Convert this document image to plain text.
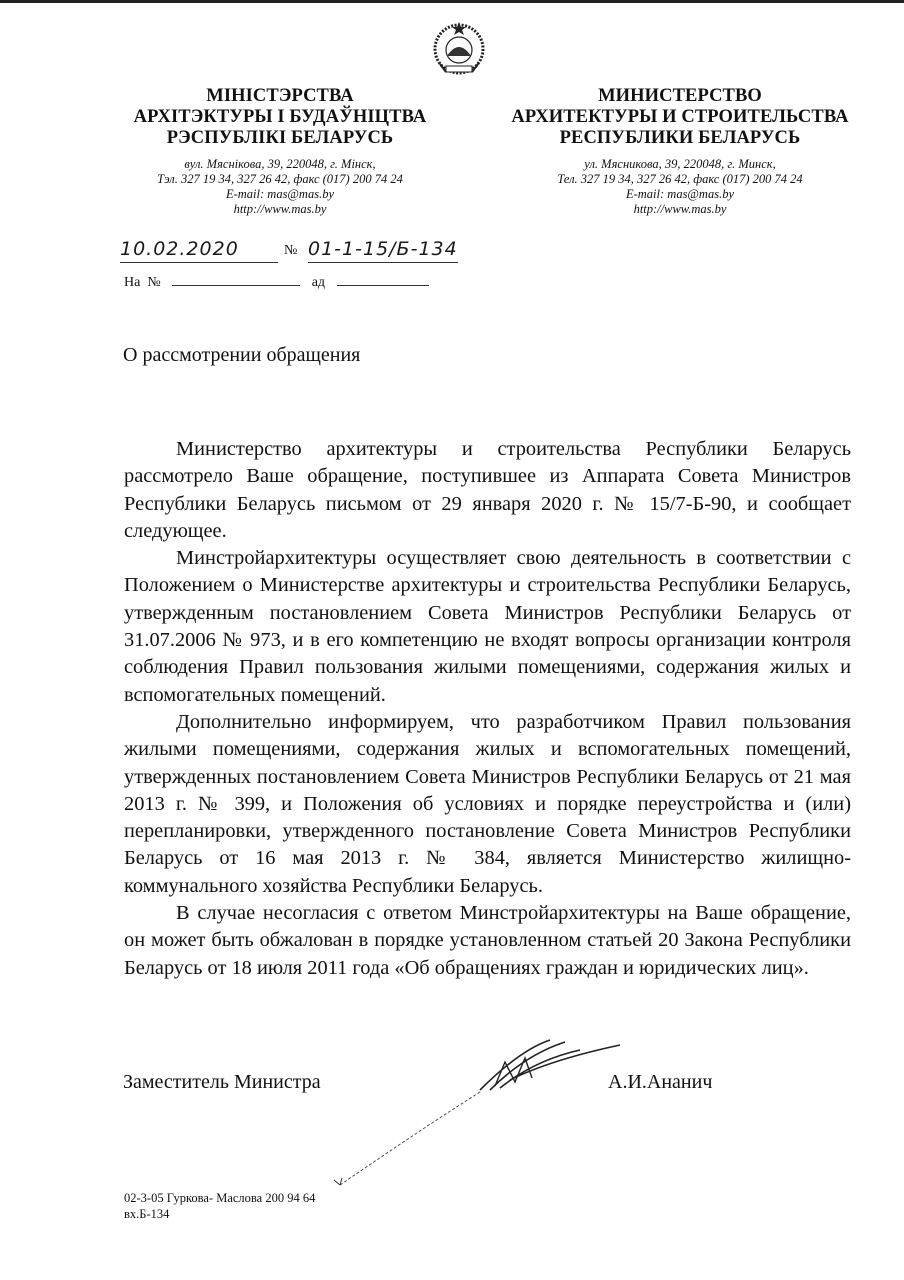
МІНІСТЭРСТВА
АРХІТЭКТУРЫ І БУДАЎНІЦТВА
РЭСПУБЛІКІ БЕЛАРУСЬ
вул. Мяснікова, 39, 220048, г. Мінск,
Тэл. 327 19 34, 327 26 42, факс (017) 200 74 24
E-mail: mas@mas.by
http://www.mas.by
МИНИСТЕРСТВО
АРХИТЕКТУРЫ И СТРОИТЕЛЬСТВА
РЕСПУБЛИКИ БЕЛАРУСЬ
ул. Мясникова, 39, 220048, г. Минск,
Тел. 327 19 34, 327 26 42, факс (017) 200 74 24
E-mail: mas@mas.by
http://www.mas.by
10.02.2020	№ 01-1-15/Б-134
На  №	ад
О рассмотрении обращения

Министерство архитектуры и строительства Республики Беларусь рассмотрело Ваше обращение, поступившее из Аппарата Совета Министров Республики Беларусь письмом от 29 января 2020 г. № 15/7-Б-90, и сообщает следующее.

Минстройархитектуры осуществляет свою деятельность в соответствии с Положением о Министерстве архитектуры и строительства Республики Беларусь, утвержденным постановлением Совета Министров Республики Беларусь от 31.07.2006 № 973, и в его компетенцию не входят вопросы организации контроля соблюдения Правил пользования жилыми помещениями, содержания жилых и вспомогательных помещений.

Дополнительно информируем, что разработчиком Правил пользования жилыми помещениями, содержания жилых и вспомогательных помещений, утвержденных постановлением Совета Министров Республики Беларусь от 21 мая 2013 г. № 399, и Положения об условиях и порядке переустройства и (или) перепланировки, утвержденного постановление Совета Министров Республики Беларусь от 16 мая 2013 г. № 384, является Министерство жилищно-коммунального хозяйства Республики Беларусь.

В случае несогласия с ответом Минстройархитектуры на Ваше обращение, он может быть обжалован в порядке установленном статьей 20 Закона Республики Беларусь от 18 июля 2011 года «Об обращениях граждан и юридических лиц».

Заместитель Министра	А.И.Ананич
02-3-05 Гуркова- Маслова 200 94 64
вх.Б-134
